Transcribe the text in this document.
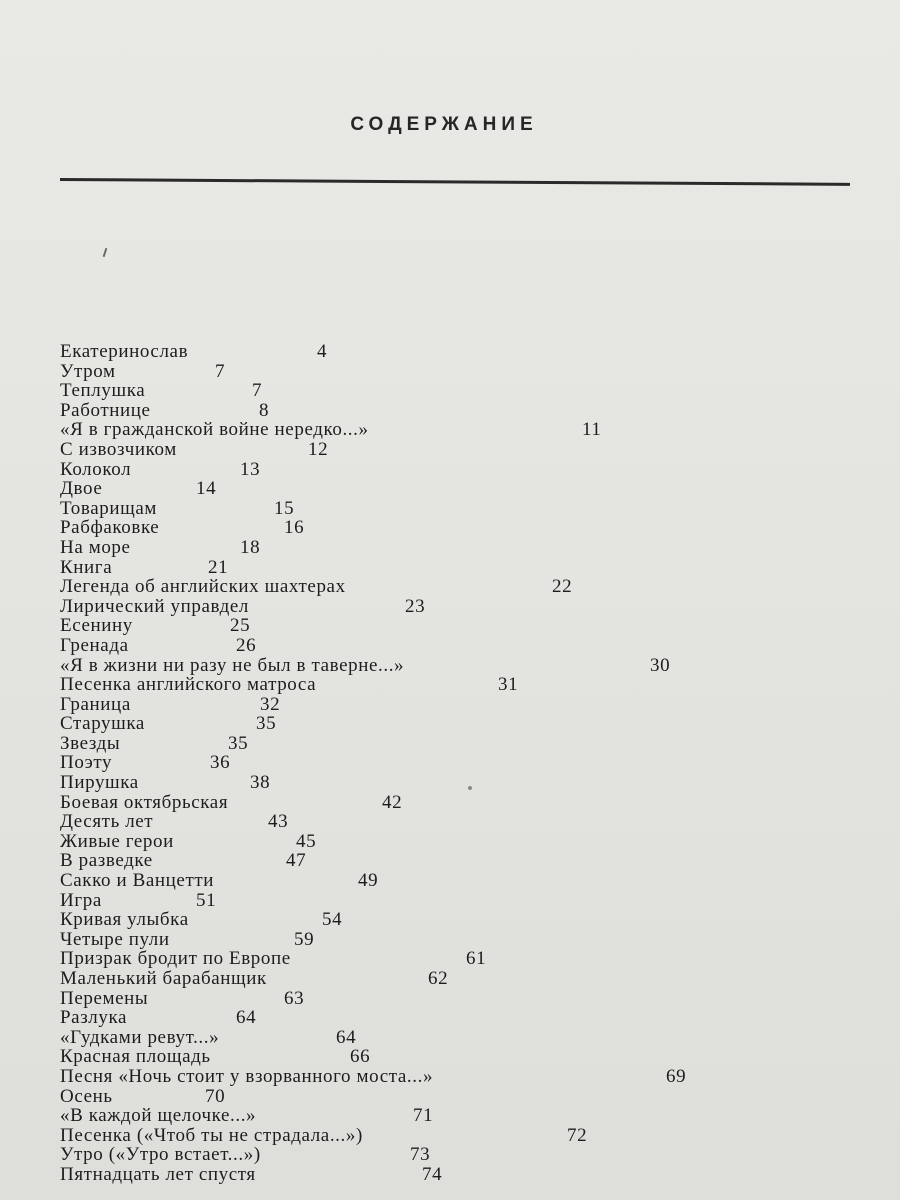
СОДЕРЖАНИЕ
Екатеринослав	4
Утром	7
Теплушка	7
Работнице	8
«Я в гражданской войне нередко...»	11
С извозчиком	12
Колокол	13
Двое	14
Товарищам	15
Рабфаковке	16
На море	18
Книга	21
Легенда об английских шахтерах	22
Лирический управдел	23
Есенину	25
Гренада	26
«Я в жизни ни разу не был в таверне...»	30
Песенка английского матроса	31
Граница	32
Старушка	35
Звезды	35
Поэту	36
Пирушка	38
Боевая октябрьская	42
Десять лет	43
Живые герои	45
В разведке	47
Сакко и Ванцетти	49
Игра	51
Кривая улыбка	54
Четыре пули	59
Призрак бродит по Европе	61
Маленький барабанщик	62
Перемены	63
Разлука	64
«Гудками ревут...»	64
Красная площадь	66
Песня «Ночь стоит у взорванного моста...»	69
Осень	70
«В каждой щелочке...»	71
Песенка («Чтоб ты не страдала...»)	72
Утро («Утро встает...»)	73
Пятнадцать лет спустя	74
